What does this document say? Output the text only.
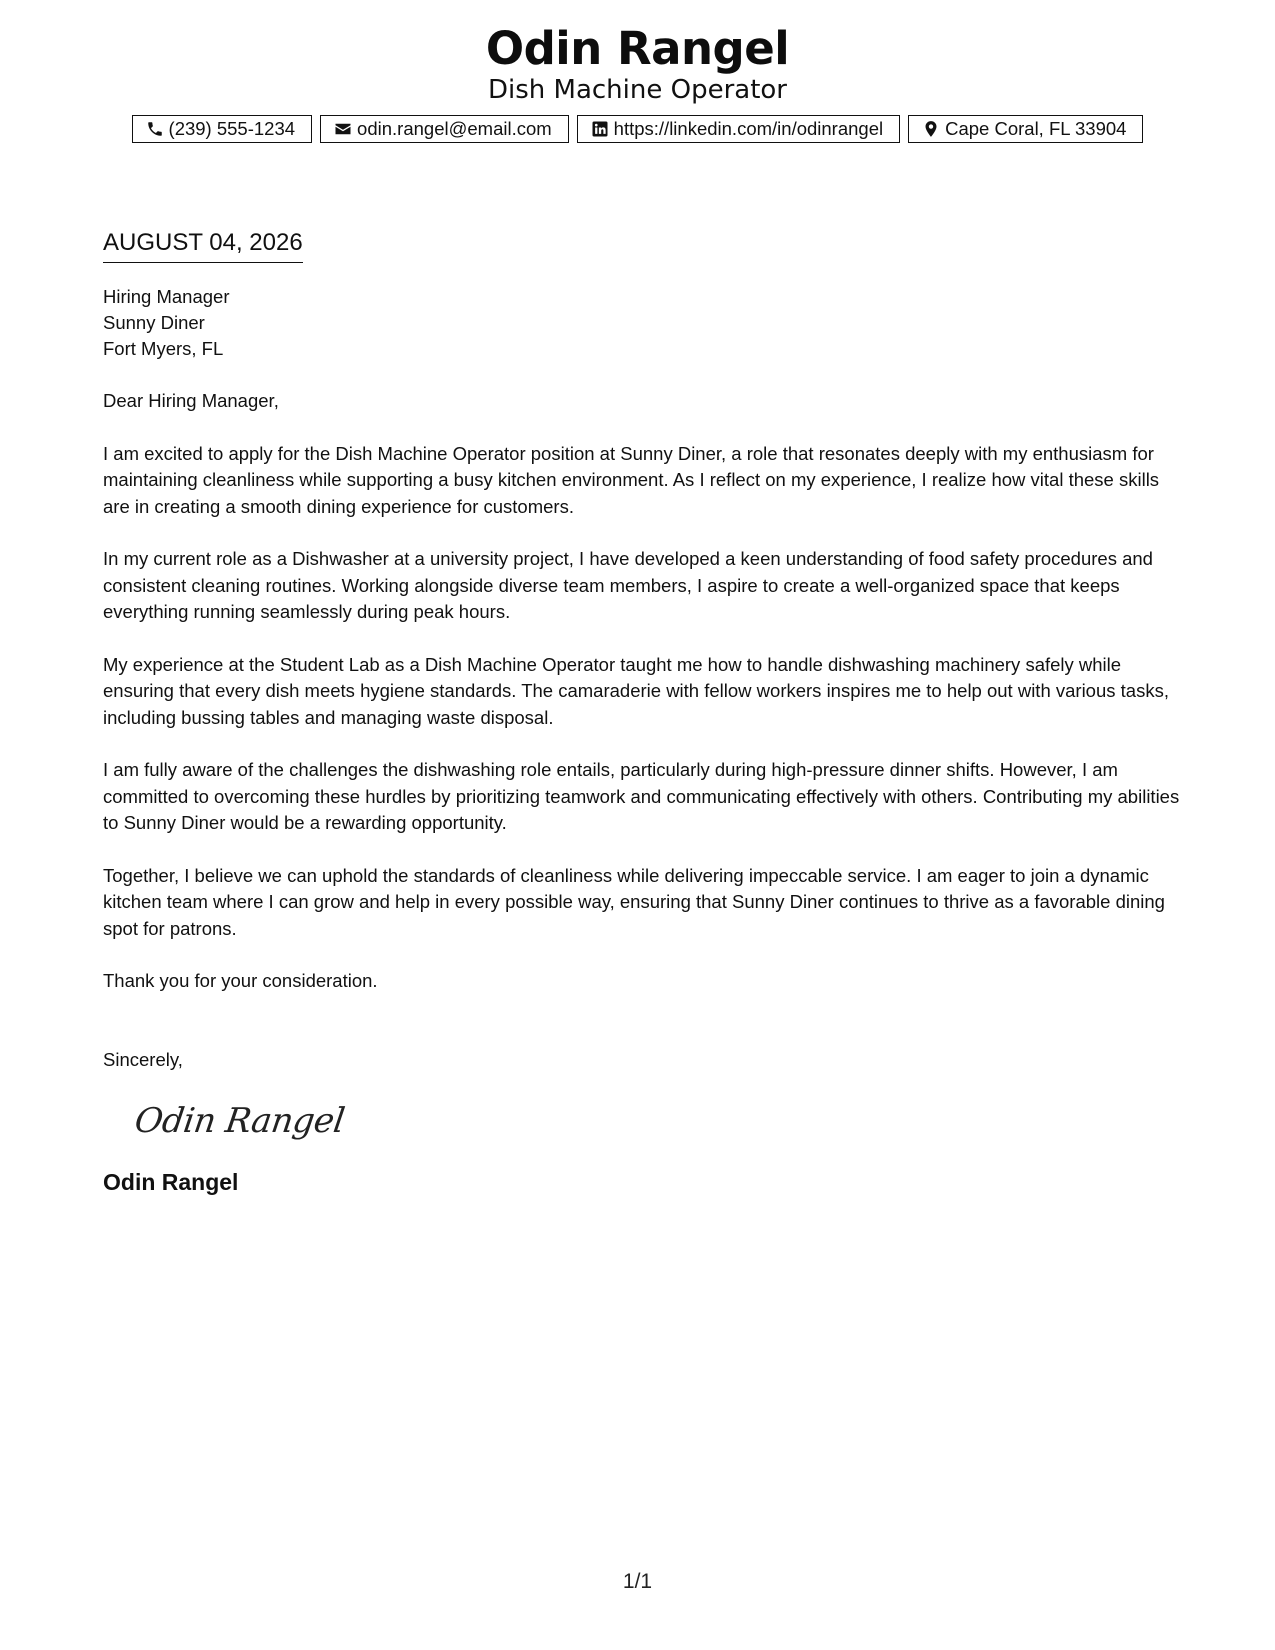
Odin Rangel
Dish Machine Operator
(239) 555-1234	odin.rangel@email.com	https://linkedin.com/in/odinrangel	Cape Coral, FL 33904
AUGUST 04, 2026
Hiring Manager
Sunny Diner
Fort Myers, FL

Dear Hiring Manager,

I am excited to apply for the Dish Machine Operator position at Sunny Diner, a role that resonates deeply with my enthusiasm for maintaining cleanliness while supporting a busy kitchen environment. As I reflect on my experience, I realize how vital these skills are in creating a smooth dining experience for customers.

In my current role as a Dishwasher at a university project, I have developed a keen understanding of food safety procedures and consistent cleaning routines. Working alongside diverse team members, I aspire to create a well-organized space that keeps everything running seamlessly during peak hours.

My experience at the Student Lab as a Dish Machine Operator taught me how to handle dishwashing machinery safely while ensuring that every dish meets hygiene standards. The camaraderie with fellow workers inspires me to help out with various tasks, including bussing tables and managing waste disposal.

I am fully aware of the challenges the dishwashing role entails, particularly during high-pressure dinner shifts. However, I am committed to overcoming these hurdles by prioritizing teamwork and communicating effectively with others. Contributing my abilities to Sunny Diner would be a rewarding opportunity.

Together, I believe we can uphold the standards of cleanliness while delivering impeccable service. I am eager to join a dynamic kitchen team where I can grow and help in every possible way, ensuring that Sunny Diner continues to thrive as a favorable dining spot for patrons.

Thank you for your consideration.

Sincerely,

Odin Rangel
Odin Rangel
1/1
